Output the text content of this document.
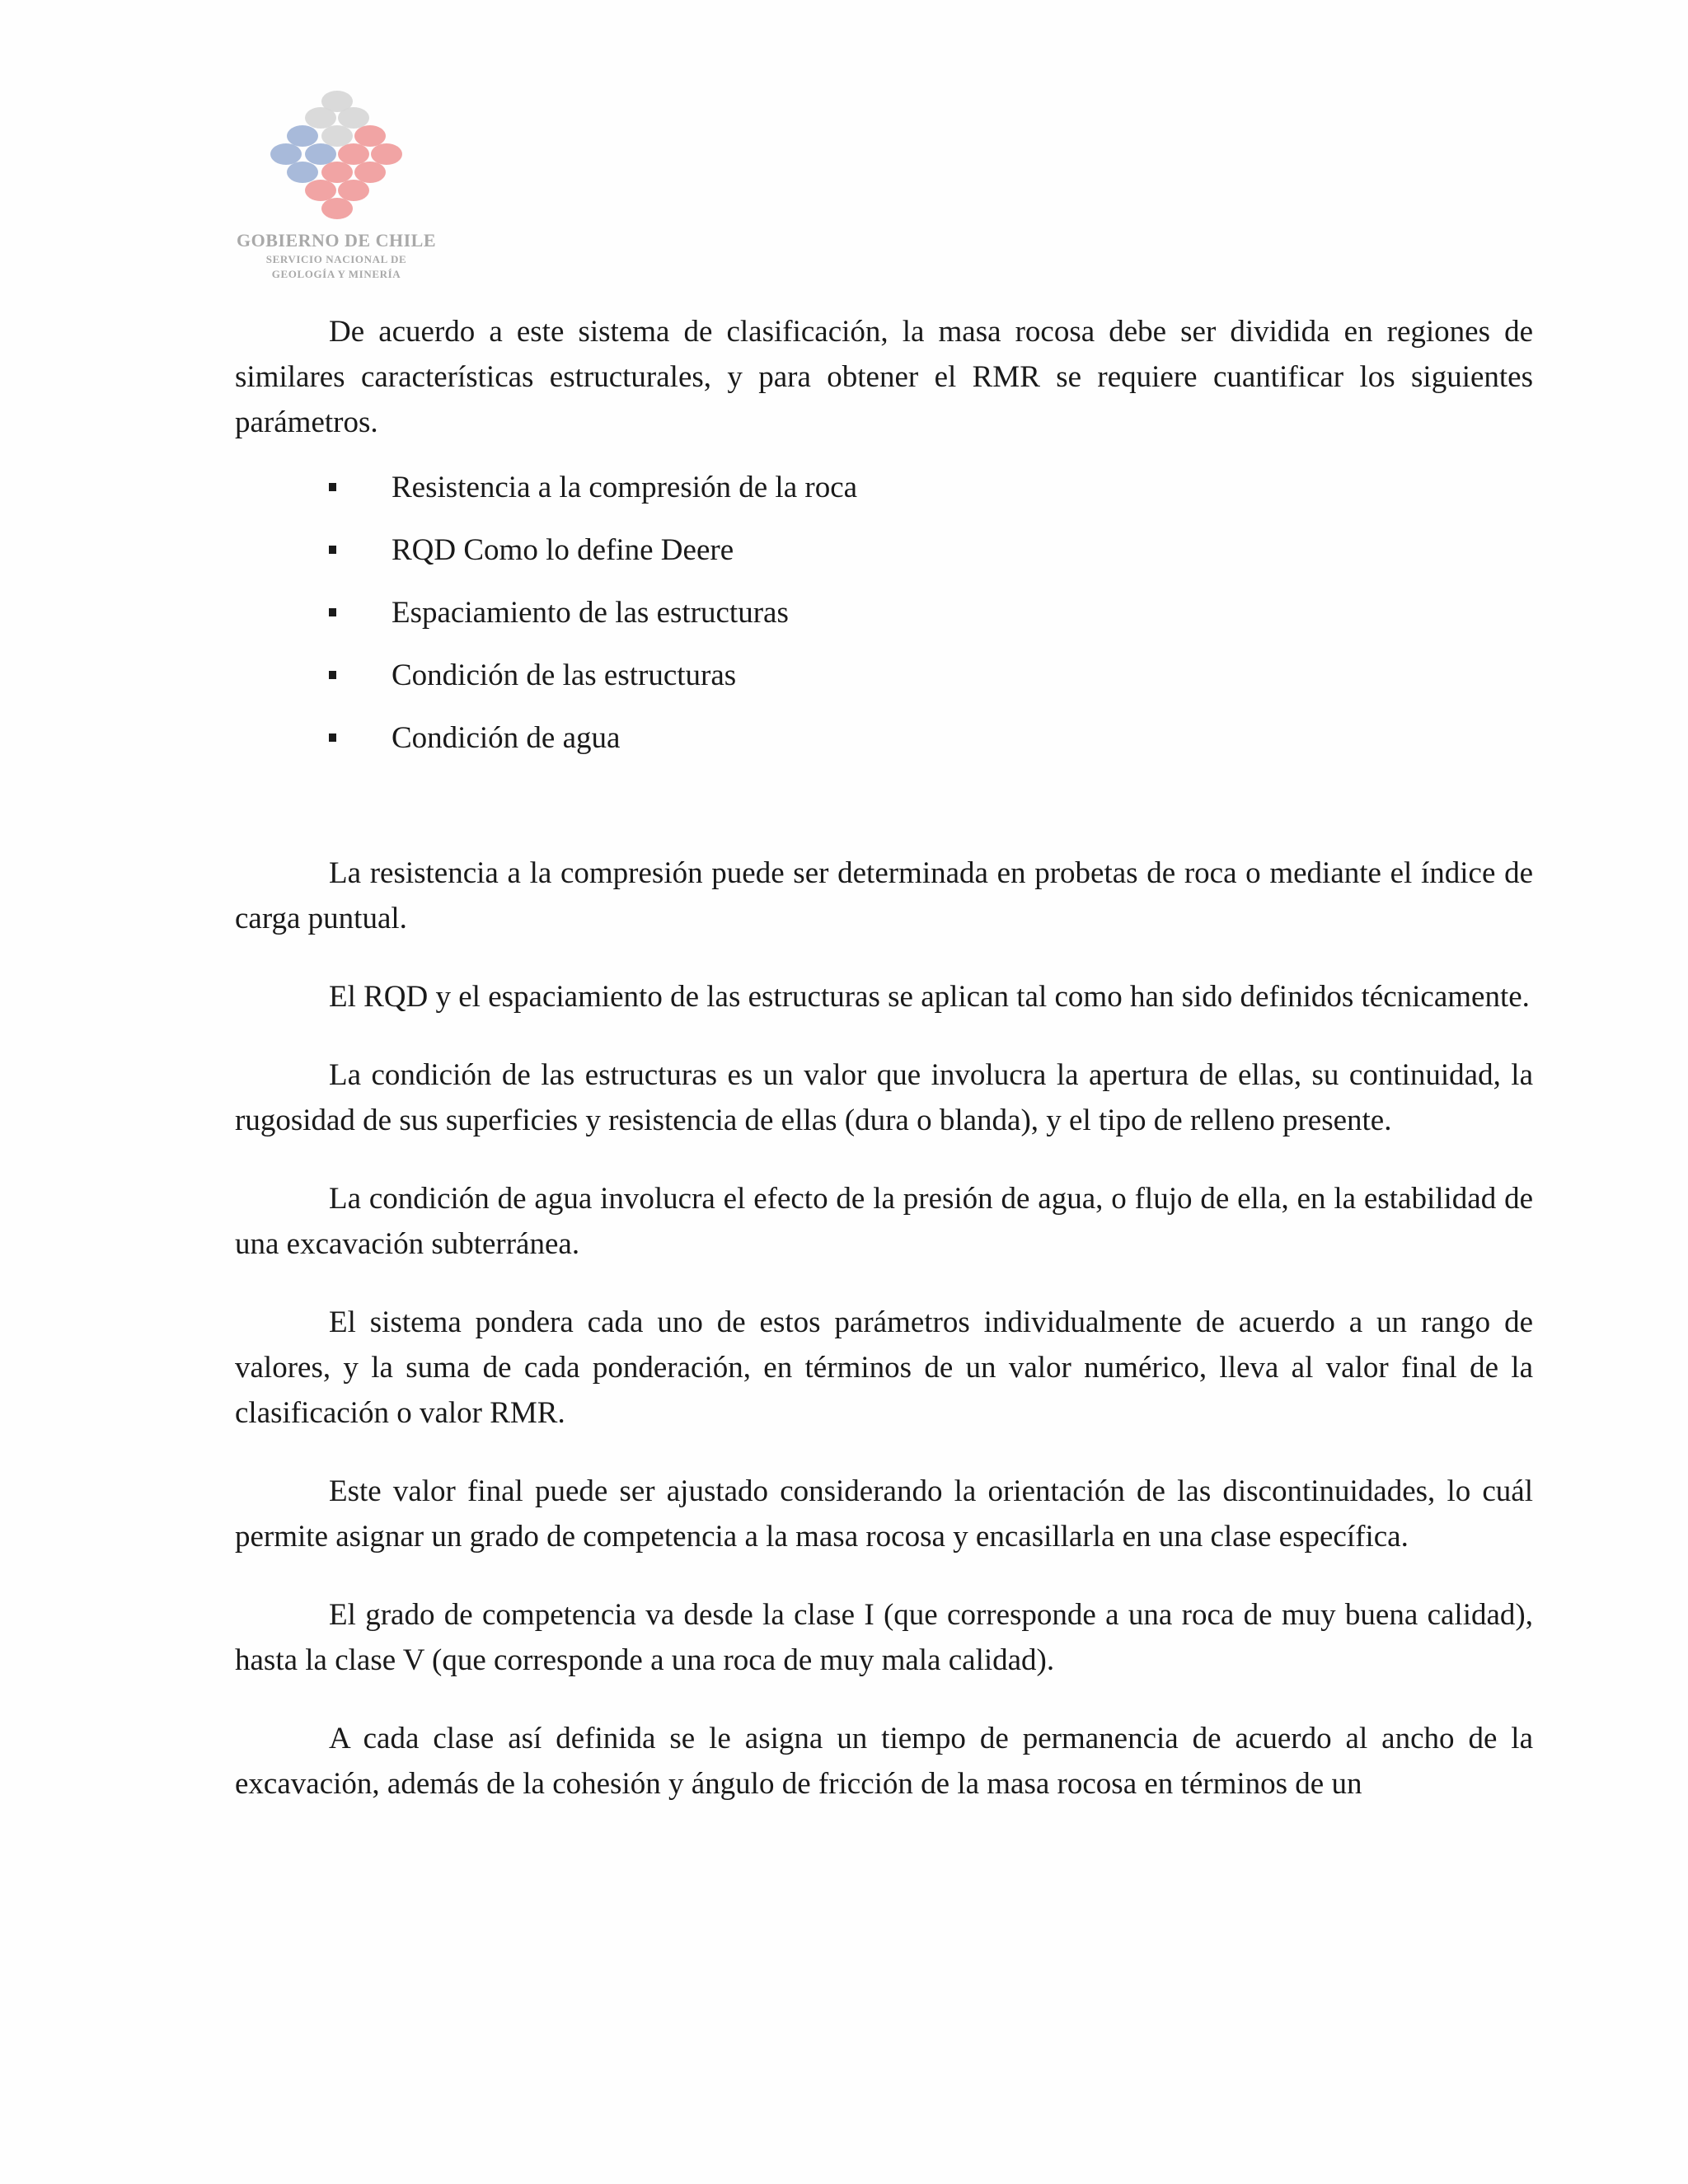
GOBIERNO DE CHILE
SERVICIO NACIONAL DE
GEOLOGÍA Y MINERÍA

De acuerdo a este sistema de clasificación, la masa rocosa debe ser dividida en regiones de similares características estructurales, y para obtener el RMR se requiere cuantificar los siguientes parámetros.

Resistencia a la compresión de la roca
RQD Como lo define Deere
Espaciamiento de las estructuras
Condición de las estructuras
Condición de agua

La resistencia a la compresión puede ser determinada en probetas de roca o mediante el índice de carga puntual.

El RQD y el espaciamiento de las estructuras se aplican tal como han sido definidos técnicamente.

La condición de las estructuras es un valor que involucra la apertura de ellas, su continuidad, la rugosidad de sus superficies y resistencia de ellas (dura o blanda), y el tipo de relleno presente.

La condición de agua involucra el efecto de la presión de agua, o flujo de ella, en la estabilidad de una excavación subterránea.

El sistema pondera cada uno de estos parámetros individualmente de acuerdo a un rango de valores, y la suma de cada ponderación, en términos de un valor numérico, lleva al valor final de la clasificación o valor RMR.

Este valor final puede ser ajustado considerando la orientación de las discontinuidades, lo cuál permite asignar un grado de competencia a la masa rocosa y encasillarla en una clase específica.

El grado de competencia va desde la clase I (que corresponde a una roca de muy buena calidad), hasta la clase V (que corresponde a una roca de muy mala calidad).

A cada clase así definida se le asigna un tiempo de permanencia de acuerdo al ancho de la excavación, además de la cohesión y ángulo de fricción de la masa rocosa en términos de un
